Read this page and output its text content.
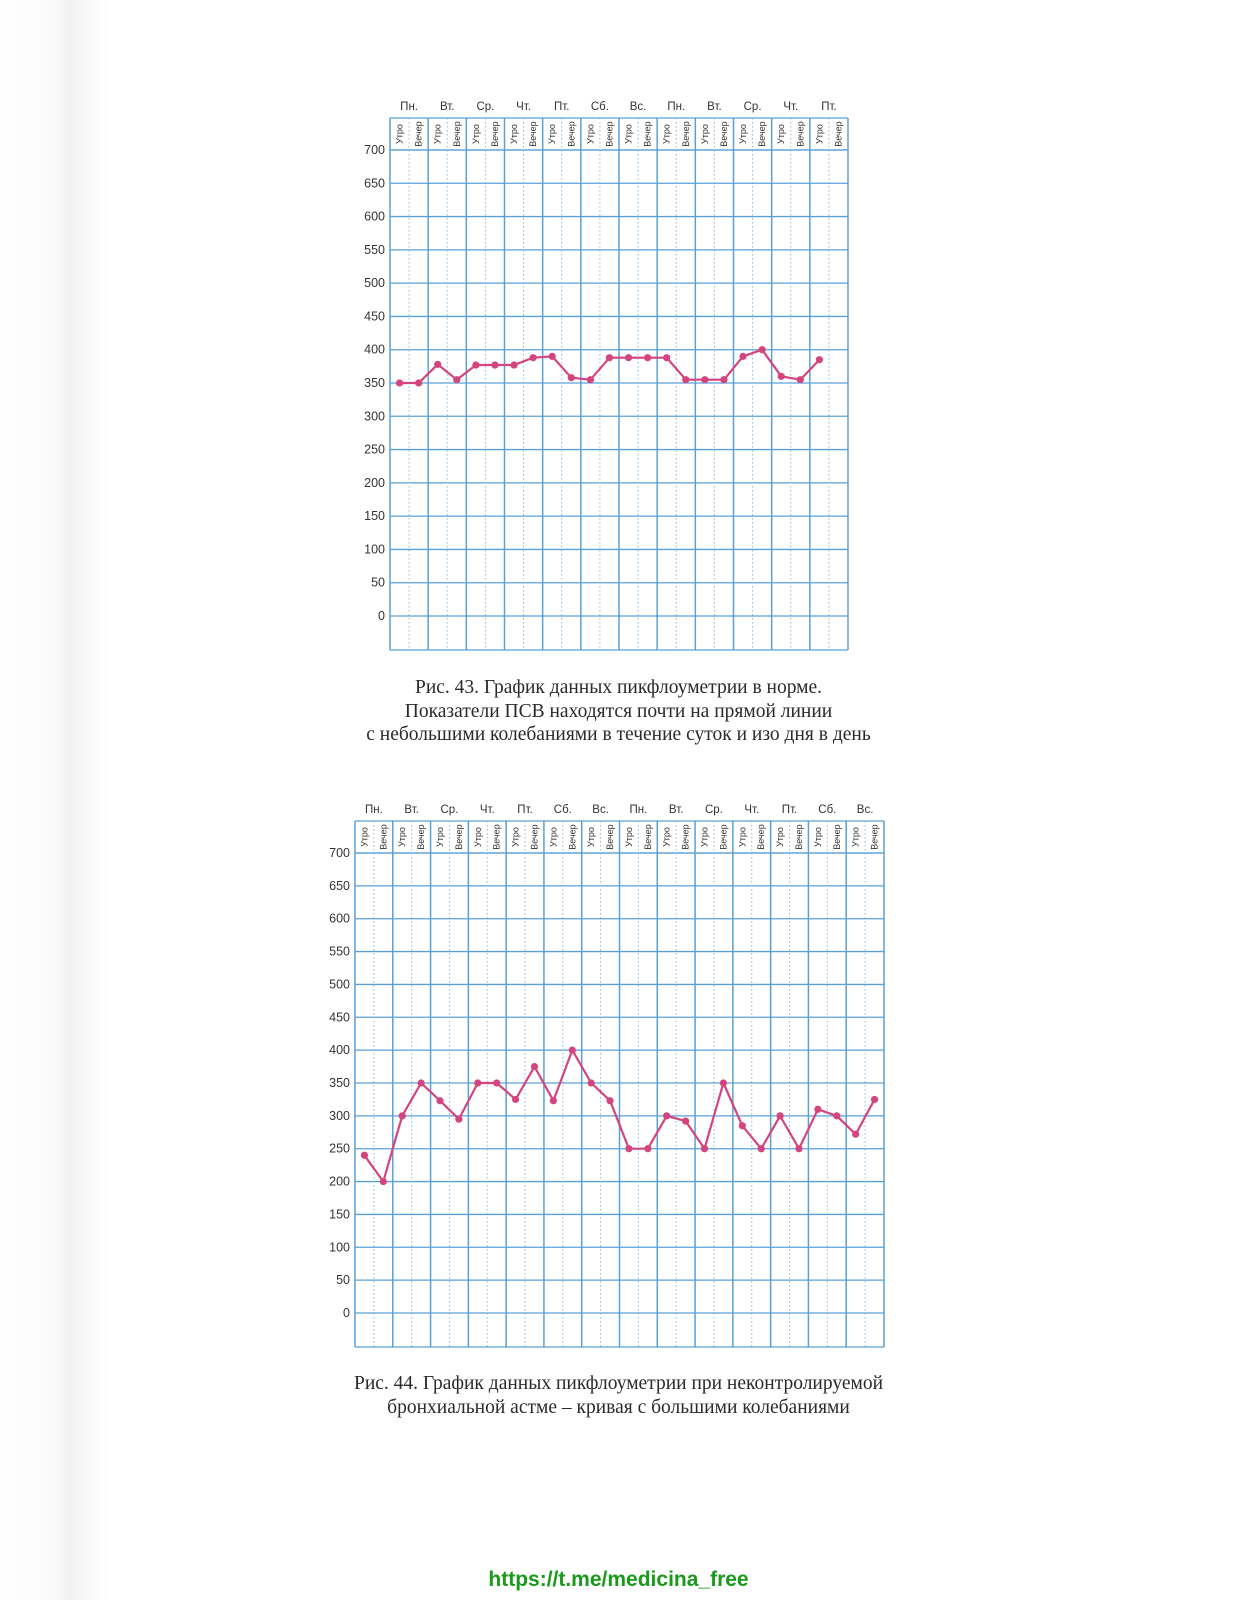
Пн. Вт. Ср. Чт. Пт. Сб. Вс. Пн. Вт. Ср. Чт. Пт.
Утро Вечер Утро Вечер Утро Вечер Утро Вечер Утро Вечер Утро Вечер Утро Вечер Утро Вечер Утро Вечер Утро Вечер Утро Вечер Утро Вечер
700
650
600
550
500
450
400
350
300
250
200
150
100
50
0
Пн. Вт. Ср. Чт. Пт. Сб. Вс. Пн. Вт. Ср. Чт. Пт. Сб. Вс.
Утро Вечер Утро Вечер Утро Вечер Утро Вечер Утро Вечер Утро Вечер Утро Вечер Утро Вечер Утро Вечер Утро Вечер Утро Вечер Утро Вечер Утро Вечер Утро Вечер
700
650
600
550
500
450
400
350
300
250
200
150
100
50
0
Рис. 43. График данных пикфлоуметрии в норме.
Показатели ПСВ находятся почти на прямой линии
с небольшими колебаниями в течение суток и изо дня в день
Рис. 44. График данных пикфлоуметрии при неконтролируемой
бронхиальной астме – кривая с большими колебаниями
https://t.me/medicina_free
